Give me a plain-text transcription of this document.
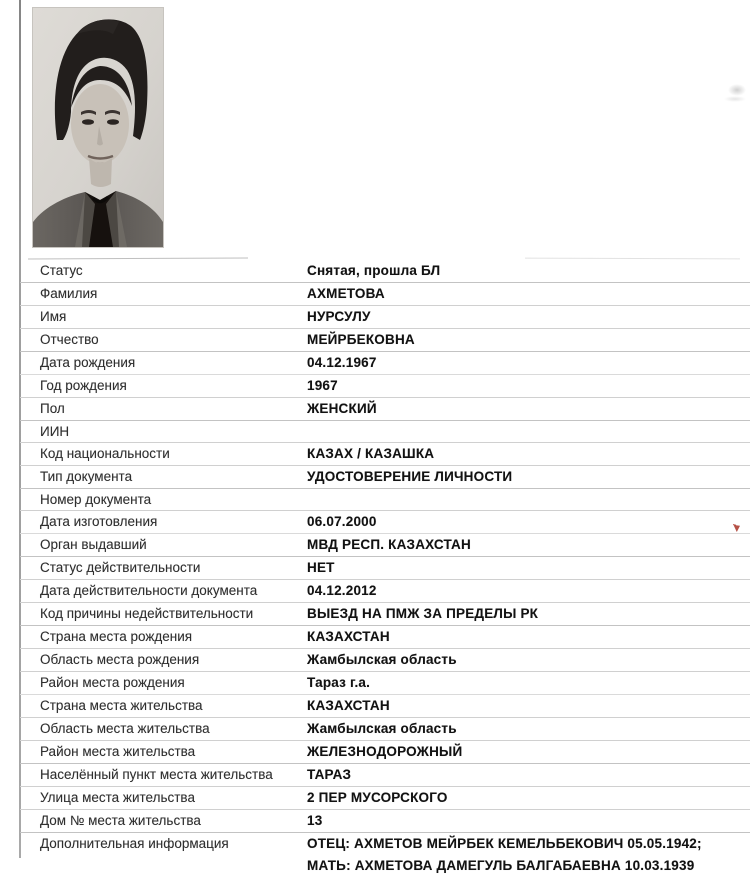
Статус	Снятая, прошла БЛ
Фамилия	АХМЕТОВА
Имя	НУРСУЛУ
Отчество	МЕЙРБЕКОВНА
Дата рождения	04.12.1967
Год рождения	1967
Пол	ЖЕНСКИЙ
ИИН
Код национальности	КАЗАХ / КАЗАШКА
Тип документа	УДОСТОВЕРЕНИЕ ЛИЧНОСТИ
Номер документа
Дата изготовления	06.07.2000
Орган выдавший	МВД РЕСП. КАЗАХСТАН
Статус действительности	НЕТ
Дата действительности документа	04.12.2012
Код причины недействительности	ВЫЕЗД НА ПМЖ ЗА ПРЕДЕЛЫ РК
Страна места рождения	КАЗАХСТАН
Область места рождения	Жамбылская область
Район места рождения	Тараз г.а.
Страна места жительства	КАЗАХСТАН
Область места жительства	Жамбылская область
Район места жительства	ЖЕЛЕЗНОДОРОЖНЫЙ
Населённый пункт места жительства	ТАРАЗ
Улица места жительства	2 ПЕР МУСОРСКОГО
Дом № места жительства	13
Дополнительная информация	ОТЕЦ: АХМЕТОВ МЕЙРБЕК КЕМЕЛЬБЕКОВИЧ 05.05.1942;
МАТЬ: АХМЕТОВА ДАМЕГУЛЬ БАЛГАБАЕВНА 10.03.1939
